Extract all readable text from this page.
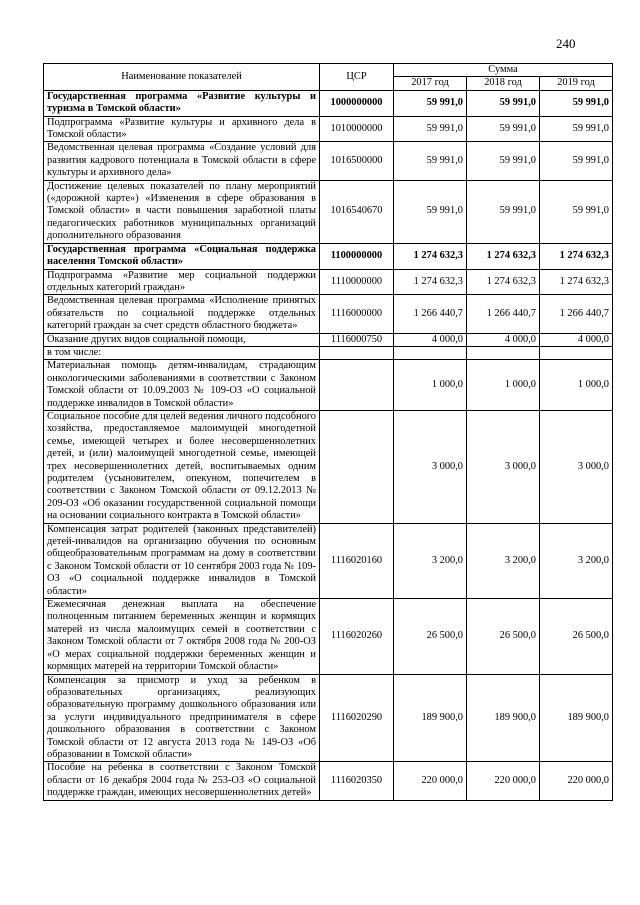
240
Наименование показателей	ЦСР	Сумма		
		2017 год	2018 год	2019 год
Государственная программа «Развитие культуры и туризма в Томской области»	1000000000	59 991,0	59 991,0	59 991,0
Подпрограмма «Развитие культуры и архивного дела в Томской области»	1010000000	59 991,0	59 991,0	59 991,0
Ведомственная целевая программа «Создание условий для развития кадрового потенциала в Томской области в сфере культуры и архивного дела»	1016500000	59 991,0	59 991,0	59 991,0
Достижение целевых показателей по плану мероприятий («дорожной карте») «Изменения в сфере образования в Томской области» в части повышения заработной платы педагогических работников муниципальных организаций дополнительного образования	1016540670	59 991,0	59 991,0	59 991,0
Государственная программа «Социальная поддержка населения Томской области»	1100000000	1 274 632,3	1 274 632,3	1 274 632,3
Подпрограмма «Развитие мер социальной поддержки отдельных категорий граждан»	1110000000	1 274 632,3	1 274 632,3	1 274 632,3
Ведомственная целевая программа «Исполнение принятых обязательств по социальной поддержке отдельных категорий граждан за счет средств областного бюджета»	1116000000	1 266 440,7	1 266 440,7	1 266 440,7
Оказание других видов социальной помощи,	1116000750	4 000,0	4 000,0	4 000,0
в том числе:				
Материальная помощь детям-инвалидам, страдающим онкологическими заболеваниями в соответствии с Законом Томской области от 10.09.2003 № 109-ОЗ «О социальной поддержке инвалидов в Томской области»		1 000,0	1 000,0	1 000,0
Социальное пособие для целей ведения личного подсобного хозяйства, предоставляемое малоимущей многодетной семье, имеющей четырех и более несовершеннолетних детей, и (или) малоимущей многодетной семье, имеющей трех несовершеннолетних детей, воспитываемых одним родителем (усыновителем, опекуном, попечителем в соответствии с Законом Томской области от 09.12.2013 № 209-ОЗ «Об оказании государственной социальной помощи на основании социального контракта в Томской области»		3 000,0	3 000,0	3 000,0
Компенсация затрат родителей (законных представителей) детей-инвалидов на организацию обучения по основным общеобразовательным программам на дому в соответствии с Законом Томской области от 10 сентября 2003 года № 109-ОЗ «О социальной поддержке инвалидов в Томской области»	1116020160	3 200,0	3 200,0	3 200,0
Ежемесячная денежная выплата на обеспечение полноценным питанием беременных женщин и кормящих матерей из числа малоимущих семей в соответствии с Законом Томской области от 7 октября 2008 года № 200-ОЗ «О мерах социальной поддержки беременных женщин и кормящих матерей на территории Томской области»	1116020260	26 500,0	26 500,0	26 500,0
Компенсация за присмотр и уход за ребенком в образовательных организациях, реализующих образовательную программу дошкольного образования или за услуги индивидуального предпринимателя в сфере дошкольного образования в соответствии с Законом Томской области от 12 августа 2013 года № 149-ОЗ «Об образовании в Томской области»	1116020290	189 900,0	189 900,0	189 900,0
Пособие на ребенка в соответствии с Законом Томской области от 16 декабря 2004 года № 253-ОЗ «О социальной поддержке граждан, имеющих несовершеннолетних детей»	1116020350	220 000,0	220 000,0	220 000,0
